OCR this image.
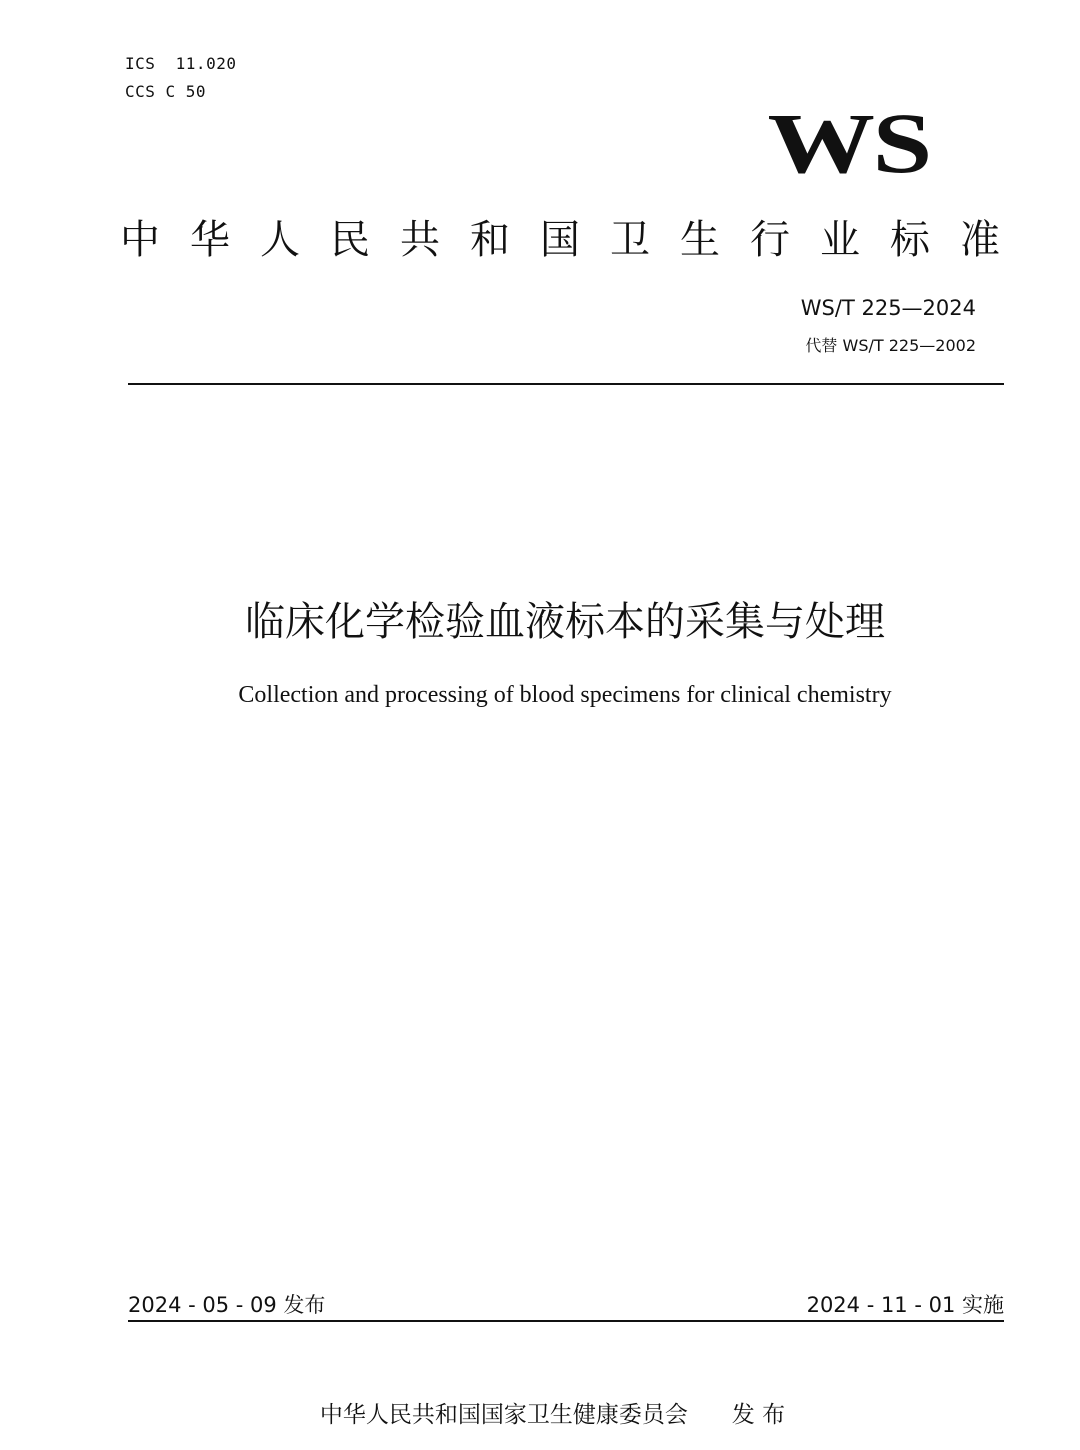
ICS  11.020
CCS C 50
WS
中华人民共和国卫生行业标准
WS/T 225—2024
代替 WS/T 225—2002
临床化学检验血液标本的采集与处理
Collection and processing of blood specimens for clinical chemistry
2024 - 05 - 09 发布	2024 - 11 - 01 实施
中华人民共和国国家卫生健康委员会      发 布
